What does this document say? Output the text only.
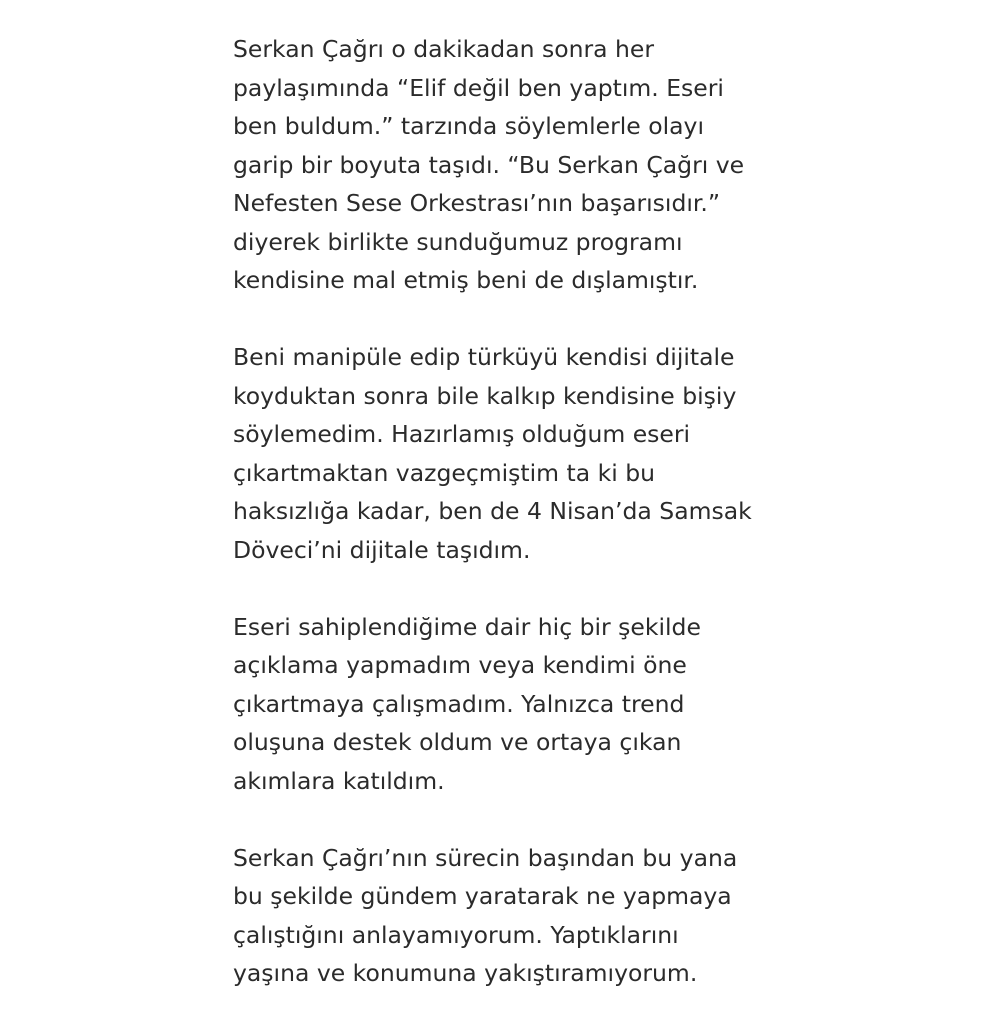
Serkan Çağrı o dakikadan sonra her
paylaşımında “Elif değil ben yaptım. Eseri
ben buldum.” tarzında söylemlerle olayı
garip bir boyuta taşıdı. “Bu Serkan Çağrı ve
Nefesten Sese Orkestrası’nın başarısıdır.”
diyerek birlikte sunduğumuz programı
kendisine mal etmiş beni de dışlamıştır.

Beni manipüle edip türküyü kendisi dijitale
koyduktan sonra bile kalkıp kendisine bişiy
söylemedim. Hazırlamış olduğum eseri
çıkartmaktan vazgeçmiştim ta ki bu
haksızlığa kadar, ben de 4 Nisan’da Samsak
Döveci’ni dijitale taşıdım.

Eseri sahiplendiğime dair hiç bir şekilde
açıklama yapmadım veya kendimi öne
çıkartmaya çalışmadım. Yalnızca trend
oluşuna destek oldum ve ortaya çıkan
akımlara katıldım.

Serkan Çağrı’nın sürecin başından bu yana
bu şekilde gündem yaratarak ne yapmaya
çalıştığını anlayamıyorum. Yaptıklarını
yaşına ve konumuna yakıştıramıyorum.
